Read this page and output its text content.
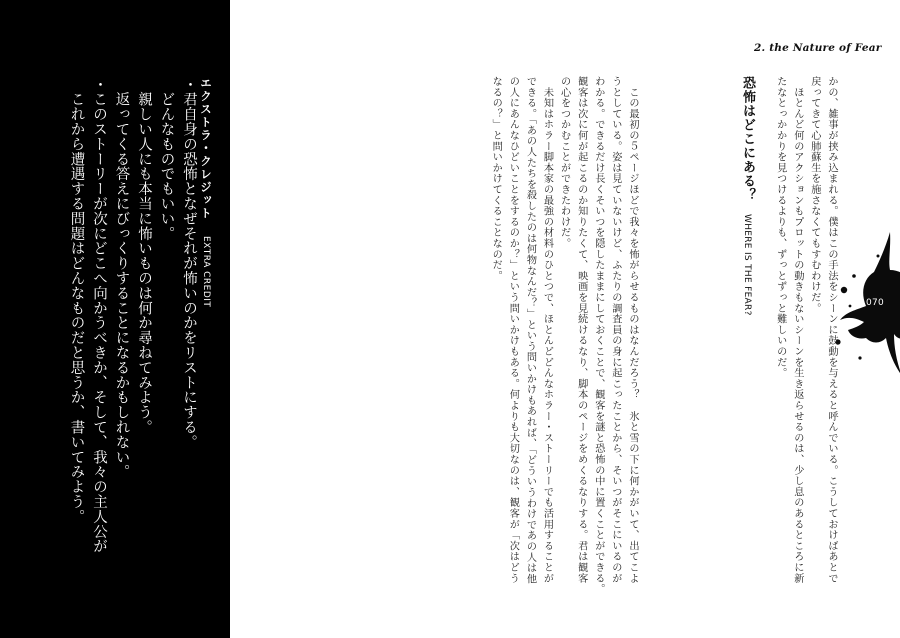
エクストラ・クレジット EXTRA CREDIT
・君自身の恐怖となぜそれが怖いのかをリストにする。
　どんなものでもいい。
　親しい人にも本当に怖いものは何か尋ねてみよう。
　返ってくる答えにびっくりすることになるかもしれない。
・このストーリーが次にどこへ向かうべきか、そして、我々の主人公が
　これから遭遇する問題はどんなものだと思うか、書いてみよう。
2. the Nature of Fear
070
かの、雑事が挟み込まれる。僕はこの手法をシーンに鼓動を与えると呼んでいる。こうしておけばあとで
戻ってきて心肺蘇生を施さなくてもすむわけだ。
　ほとんど何のアクションもプロットの動きもないシーンを生き返らせるのは、少し息のあるところに新
たなとっかかりを見つけるよりも、ずっとずっと難しいのだ。
恐怖はどこにある？ WHERE IS THE FEAR?
　この最初の５ページほどで我々を怖がらせるものはなんだろう？　氷と雪の下に何かがいて、出てこよ
うとしている。姿は見ていないけど、ふたりの調査員の身に起こったことから、そいつがそこにいるのが
わかる。できるだけ長くそいつを隠したままにしておくことで、観客を謎と恐怖の中に置くことができる。
観客は次に何が起こるのか知りたくて、映画を見続けるなり、脚本のページをめくるなりする。君は観客
の心をつかむことができたわけだ。
　未知はホラー脚本家の最強の材料のひとつで、ほとんどどんなホラー・ストーリーでも活用することが
できる。「あの人たちを殺したのは何物なんだ？」という問いかけもあれば、「どういうわけであの人は他
の人にあんなひどいことをするのか？」という問いかけもある。何よりも大切なのは、観客が「次はどう
なるの？」と問いかけてくることなのだ。
